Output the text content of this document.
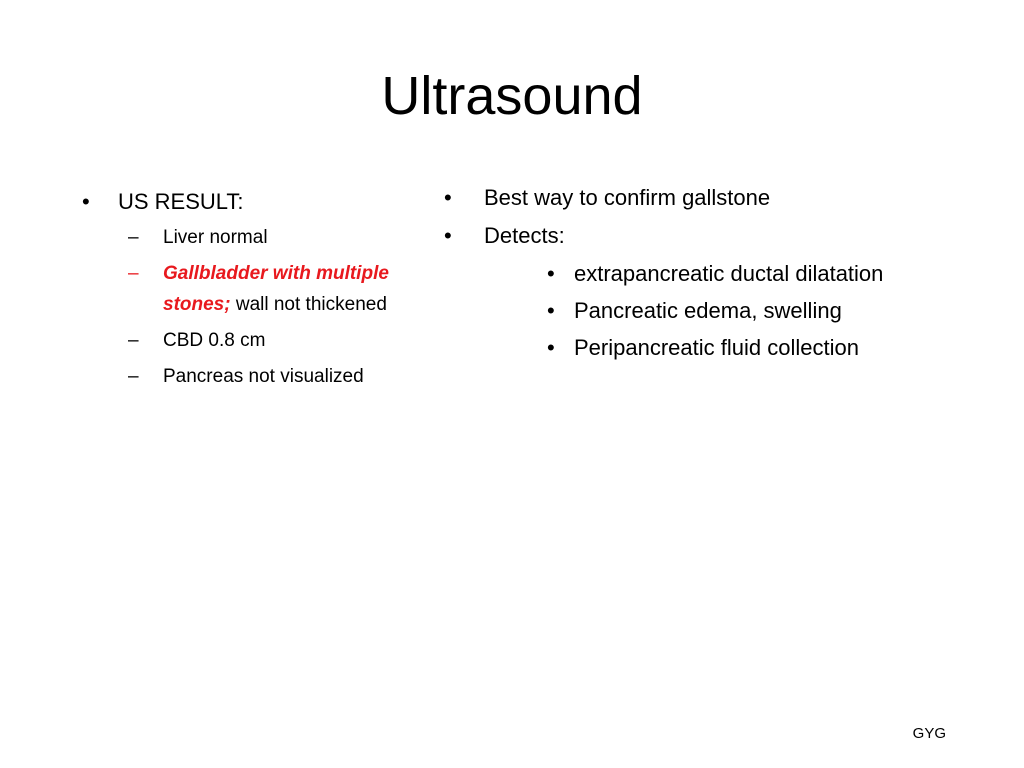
Ultrasound
• US RESULT:
– Liver normal
– Gallbladder with multiple stones; wall not thickened
– CBD 0.8 cm
– Pancreas not visualized
• Best way to confirm gallstone
• Detects:
• extrapancreatic ductal dilatation
• Pancreatic edema, swelling
• Peripancreatic fluid collection
GYG
